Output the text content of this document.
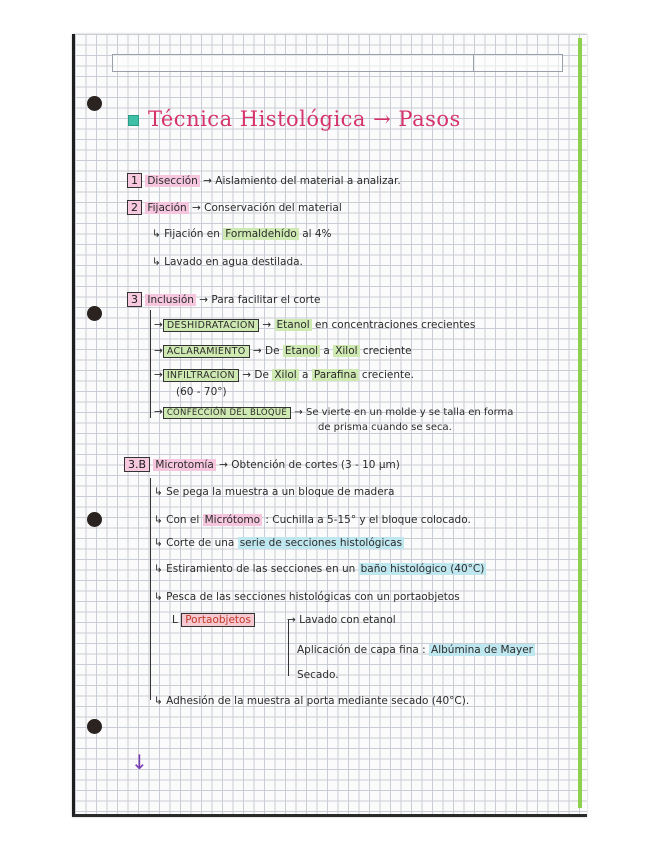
Técnica Histológica → Pasos
1 Disección → Aislamiento del material a analizar.
2 Fijación → Conservación del material
↳ Fijación en Formaldehído al 4%
↳ Lavado en agua destilada.
3 Inclusión → Para facilitar el corte
→ DESHIDRATACIÓN → Etanol en concentraciones crecientes
→ ACLARAMIENTO → De Etanol a Xilol creciente
→ INFILTRACIÓN → De Xilol a Parafina creciente.
(60 - 70°)
→ CONFECCIÓN DEL BLOQUE → Se vierte en un molde y se talla en forma
de prisma cuando se seca.
3.B Microtomía → Obtención de cortes (3 - 10 µm)
↳ Se pega la muestra a un bloque de madera
↳ Con el Micrótomo : Cuchilla a 5-15° y el bloque colocado.
↳ Corte de una serie de secciones histológicas
↳ Estiramiento de las secciones en un baño histológico (40°C)
↳ Pesca de las secciones histológicas con un portaobjetos
L Portaobjetos	→ Lavado con etanol
Aplicación de capa fina : Albúmina de Mayer
Secado.
↳ Adhesión de la muestra al porta mediante secado (40°C).
↓
